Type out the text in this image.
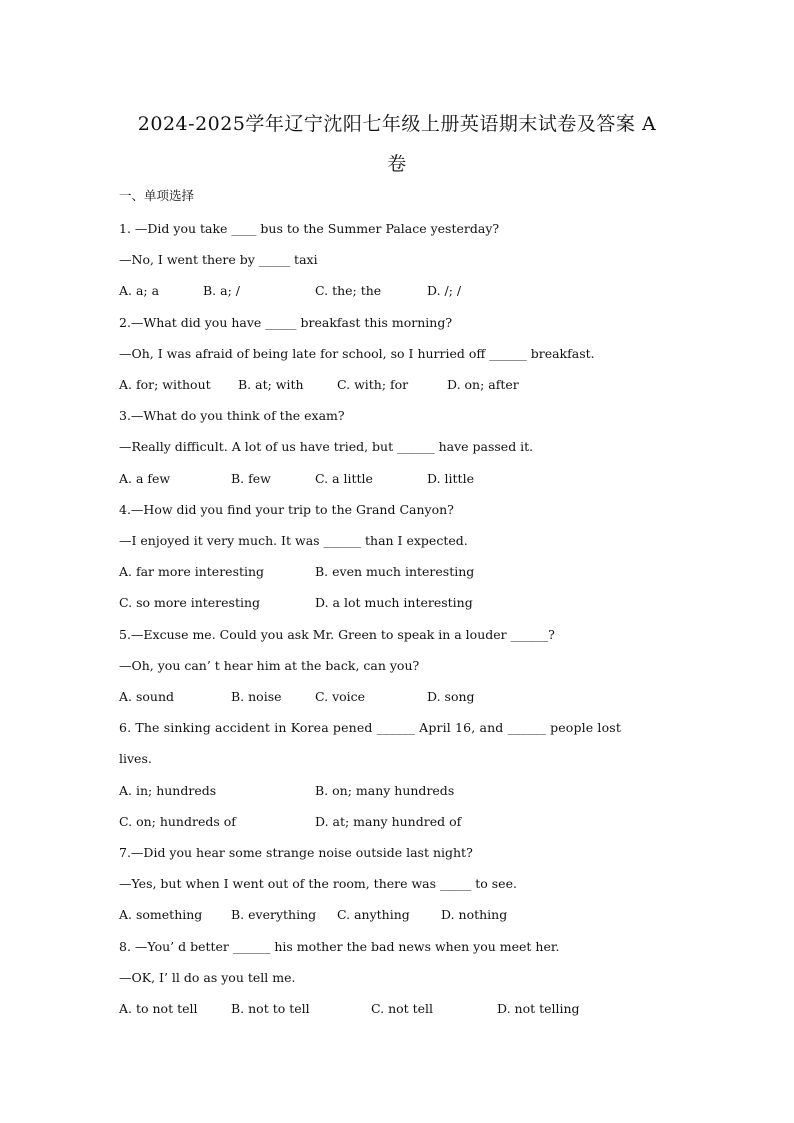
2024-2025学年辽宁沈阳七年级上册英语期末试卷及答案 A
卷
一、单项选择
1. —Did you take ____ bus to the Summer Palace yesterday?
—No, I went there by _____ taxi
A. a; a	B. a; /	C. the; the	D. /; /
2.—What did you have _____ breakfast this morning?
—Oh, I was afraid of being late for school, so I hurried off ______ breakfast.
A. for; without B. at; with	C. with; for	D. on; after
3.—What do you think of the exam?
—Really difficult. A lot of us have tried, but ______ have passed it.
A. a few	B. few	C. a little	D. little
4.—How did you find your trip to the Grand Canyon?
—I enjoyed it very much. It was ______ than I expected.
A. far more interesting	B. even much interesting
C. so more interesting	D. a lot much interesting
5.—Excuse me. Could you ask Mr. Green to speak in a louder ______?
—Oh, you can’ t hear him at the back, can you?
A. sound	B. noise	C. voice	D. song
6. The sinking accident in Korea pened ______ April 16, and ______ people lost
lives.
A. in; hundreds	B. on; many hundreds
C. on; hundreds of	D. at; many hundred of
7.—Did you hear some strange noise outside last night?
—Yes, but when I went out of the room, there was _____ to see.
A. something B. everything C. anything D. nothing
8. —You’ d better ______ his mother the bad news when you meet her.
—OK, I’ ll do as you tell me.
A. to not tell	B. not to tell	C. not tell	D. not telling
